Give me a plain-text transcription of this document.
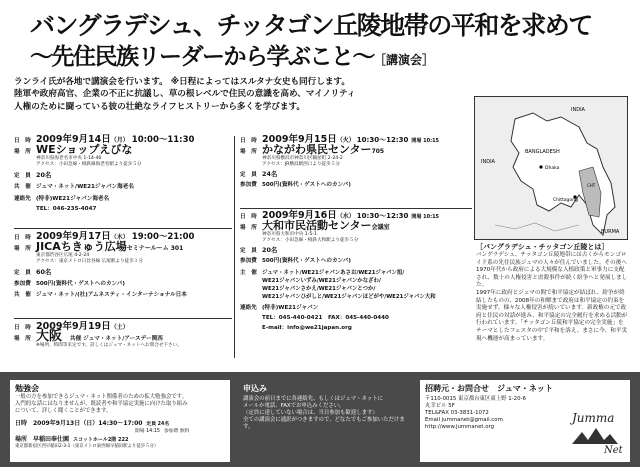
バングラデシュ、チッタゴン丘陵地帯の平和を求めて
〜先住民族リーダーから学ぶこと〜［講演会］
ランライ氏が各地で講演会を行います。 ※日程によってはスルタナ女史も同行します。
陸軍や政府高官、企業の不正に抗議し、草の根レベルで住民の意識を高め、マイノリティ
人権のために闘っている彼の壮絶なライフヒストリーから多くを学びます。
日　時 2009年9月14日 （月） 10:00〜11:30
場　所 WEショップえびな
神奈川県海老名市中央 1-14-46
アクセス：小田急線・相鉄線海老名駅より徒歩５分
定　員 20名
共　催 ジュマ・ネット/WE21ジャパン海老名
連絡先 (特非)WE21ジャパン海老名
TEL：046-235-4047
日　時 2009年9月17日 （木） 19:00〜21:00
場　所 JICAちきゅう広場 セミナールーム 301
東京都渋谷区広尾 4-2-24
アクセス：東京メトロ日比谷線 広尾駅より徒歩１分
定　員 60名
参加費 500円(資料代・ゲストへのカンパ)
共　催 ジュマ・ネット/(社)アムネスティ・インターナショナル日本
日　時 2009年9月19日 （土）
場　所 大阪 共催 ジュマ・ネット/アースデー関西
※場所、時間等未定です。詳しくはジュマ・ネットへお問合せ下さい。
日　時 2009年9月15日 （火） 10:30〜12:30 開場 10:15
場　所 かながわ県民センター 705
神奈川県横浜市神奈川区鶴屋町 2-24-2
アクセス：JR横浜駅西口より徒歩５分
定　員 24名
参加費 500円(資料代・ゲストへのカンパ)
日　時 2009年9月16日 （水） 10:30〜12:30 開場 10:15
場　所 大和市民活動センター 会議室
神奈川県大和市中央 1-5-1
アクセス：小田急線・相鉄大和駅より徒歩５分
定　員 20名
参加費 500円(資料代・ゲストへのカンパ)
主　催 ジュマ・ネット/WE21ジャパンあさお/WE21ジャパン旭/
WE21ジャパンいずみ/WE21ジャパンかなざわ/
WE21ジャパンさかえ/WE21ジャパンとつか/
WE21ジャパンひがしと/WE21ジャパンほどがや/WE21ジャパン大和
連絡先 (特非)WE21ジャパン
TEL：045-440-0421　FAX：045-440-0440
E-mail：info@we21japan.org
INDIA
BANGLADESH
INDIA
Dhaka
Chittagong
BURMA
CHT
［バングラデシュ・チッタゴン丘陵とは］
バングラデシュ、チッタゴン丘陵地帯には古くからモンゴロイド系の先住民族ジュマの人々が住んでいました。その後へ1970年代から政府による大規模な入植政策と軍事力に支配され、数十の人権侵害と虐殺事件が続く紛争へと発展しました。
1997年に政府とジュマの間で和平協定が結ばれ、紛争が終結したものの、2008年の和解まで政府は和平協定の約束を実施せず、様々な人権侵害が続いています。新政権の元で政府と住民の対話が進み、和平協定の完全履行を求める活動が行われています。「チッタゴン丘陵和平協定の完全実施」をテーマとしたフェスタの中で平和を訴え、まさに今、和平実現へ機運が高まっています。
勉強会
一般の方を参加できるジュマ・ネット関係者のための拡大勉強会です。
入門的な話にはなりませんが、既読者や和平協定実施に向けた取り組み
について、詳しく聞くことができます。
日時　2009年9月13日（日）14:30〜17:00 定員 24名
開場 14:15 参加費 無料
場所　早稲田奉仕園 スコットホール2階 222
東京都新宿区西早稲田2-3-1（東京メトロ東西線早稲田駅より徒歩５分）
申込み
講演会の前日までに各連絡先、もしくはジュマ・ネットに
メールか電話、FAXでお申込みください。
（定員に達していない場合は、当日参加も歓迎します）
全ての講演会に通訳がつきますので、どなたでもご参加いただけます。
招聘元・お問合せ　ジュマ・ネット
〒110-0015 東京都台東区東上野 1-20-6
丸幸ビル 5F
TEL&FAX 03-3831-1072
Email jummanet@gmail.com
http://www.jummanet.org
Jumma
Net
